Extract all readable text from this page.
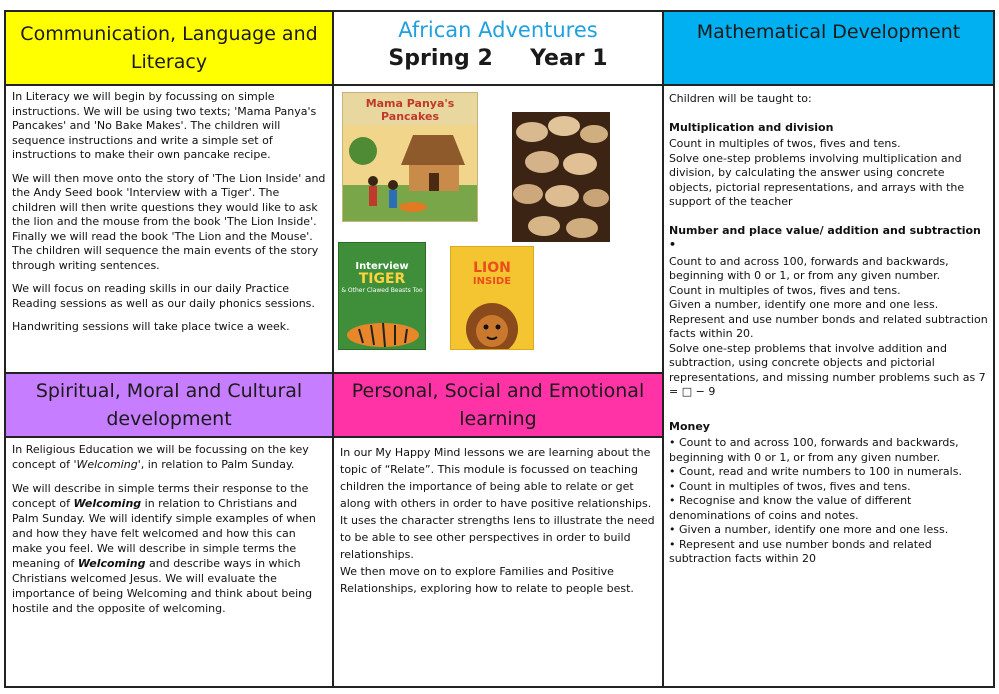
Communication, Language and Literacy
African Adventures
Spring 2 Year 1
Mathematical Development

In Literacy we will begin by focussing on simple instructions. We will be using two texts; 'Mama Panya's Pancakes' and 'No Bake Makes'. The children will sequence instructions and write a simple set of instructions to make their own pancake recipe.

We will then move onto the story of 'The Lion Inside' and the Andy Seed book 'Interview with a Tiger'. The children will then write questions they would like to ask the lion and the mouse from the book 'The Lion Inside'. Finally we will read the book 'The Lion and the Mouse'. The children will sequence the main events of the story through writing sentences.

We will focus on reading skills in our daily Practice Reading sessions as well as our daily phonics sessions.

Handwriting sessions will take place twice a week.

Mama Panya's Pancakes
Interview
TIGER
& Other Clawed Beasts Too
LION
INSIDE

Children will be taught to:

Multiplication and division

Count in multiples of twos, fives and tens.

Solve one-step problems involving multiplication and division, by calculating the answer using concrete objects, pictorial representations, and arrays with the support of the teacher

Number and place value/ addition and subtraction •

Count to and across 100, forwards and backwards, beginning with 0 or 1, or from any given number.

Count in multiples of twos, fives and tens.

Given a number, identify one more and one less.

Represent and use number bonds and related subtraction facts within 20.

Solve one-step problems that involve addition and subtraction, using concrete objects and pictorial representations, and missing number problems such as 7 = □ − 9

Money

• Count to and across 100, forwards and backwards, beginning with 0 or 1, or from any given number.

• Count, read and write numbers to 100 in numerals.

• Count in multiples of twos, fives and tens.

• Recognise and know the value of different denominations of coins and notes.

• Given a number, identify one more and one less.

• Represent and use number bonds and related subtraction facts within 20

Spiritual, Moral and Cultural development
Personal, Social and Emotional learning

In Religious Education we will be focussing on the key concept of 'Welcoming', in relation to Palm Sunday.

We will describe in simple terms their response to the concept of Welcoming in relation to Christians and Palm Sunday. We will identify simple examples of when and how they have felt welcomed and how this can make you feel. We will describe in simple terms the meaning of Welcoming and describe ways in which Christians welcomed Jesus. We will evaluate the importance of being Welcoming and think about being hostile and the opposite of welcoming.

In our My Happy Mind lessons we are learning about the topic of “Relate”. This module is focussed on teaching children the importance of being able to relate or get along with others in order to have positive relationships. It uses the character strengths lens to illustrate the need to be able to see other perspectives in order to build relationships.

We then move on to explore Families and Positive Relationships, exploring how to relate to people best.
